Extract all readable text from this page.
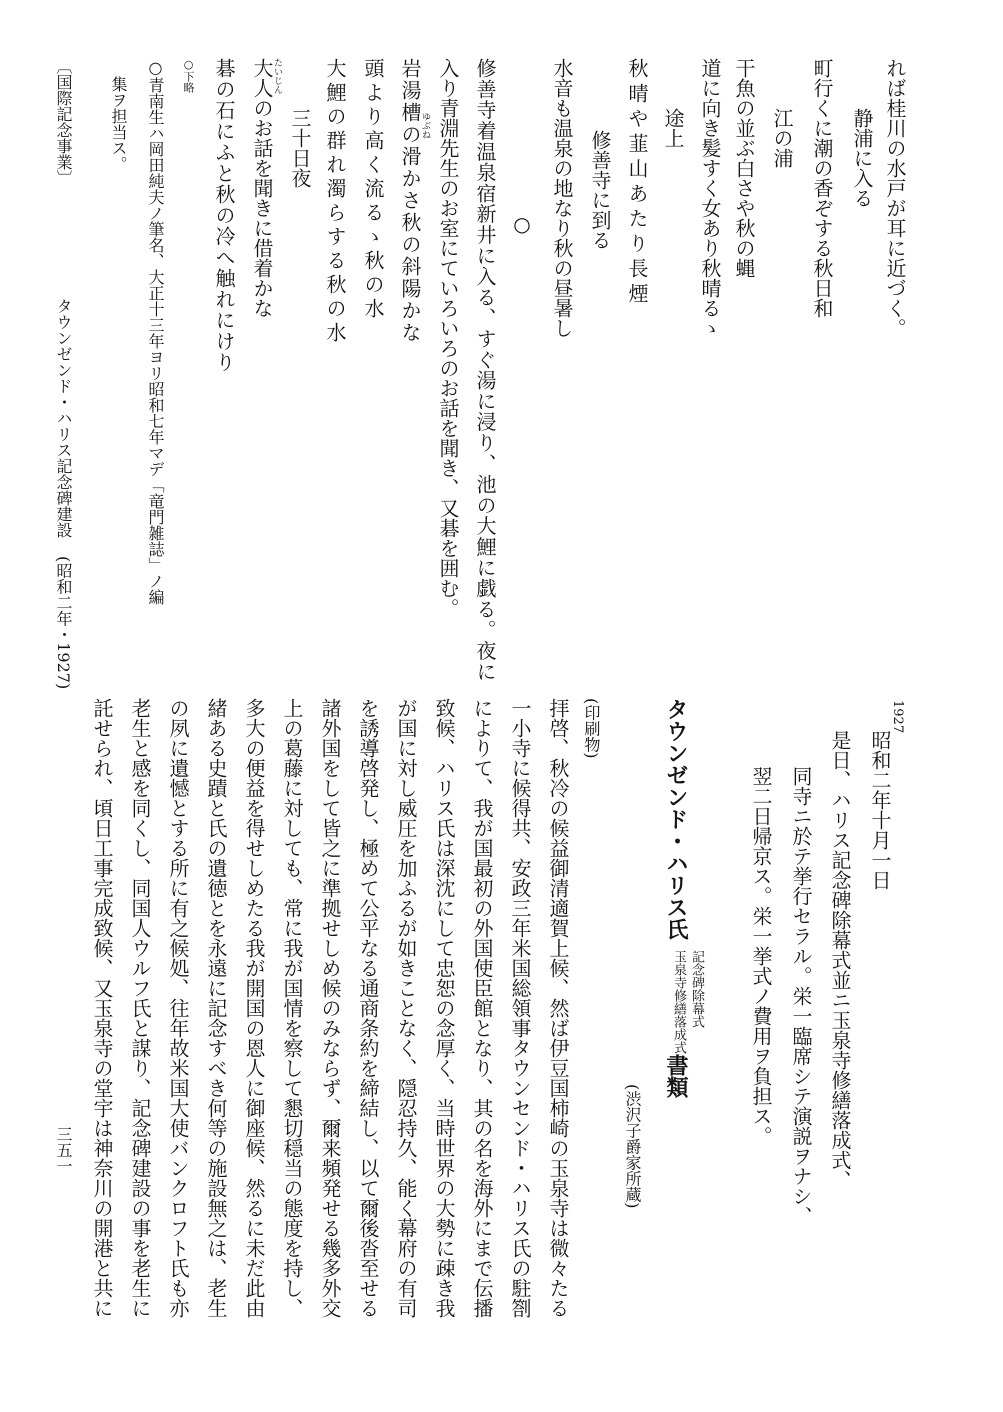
れば桂川の水戸が耳に近づく。
静浦に入る
町行くに潮の香ぞする秋日和
江の浦
干魚の並ぶ白さや秋の蝿
道に向き髪すく女あり秋晴るゝ
途上
秋晴や韮山あたり長煙
修善寺に到る
水音も温泉の地なり秋の昼暑し
○
修善寺着温泉宿新井に入る、すぐ湯に浸り、池の大鯉に戯る。夜に
入り青淵先生のお室にていろいろのお話を聞き、又碁を囲む。
ゆぶね
岩湯槽の滑かさ秋の斜陽かな
頭より高く流るゝ秋の水
大鯉の群れ濁らする秋の水
三十日夜
たいじん
大人のお話を聞きに借着かな
碁の石にふと秋の冷へ触れにけり
○下略
○青南生ハ岡田純夫ノ筆名、大正十三年ヨリ昭和七年マデ「竜門雑誌」ノ編
集ヲ担当ス。
〔国際記念事業〕
タウンゼンド・ハリス記念碑建設
(昭和二年・1927)
1927
昭和二年十月一日
是日、ハリス記念碑除幕式並ニ玉泉寺修繕落成式、
同寺ニ於テ挙行セラル。栄一臨席シテ演説ヲナシ、
翌二日帰京ス。栄一挙式ノ費用ヲ負担ス。
タウンゼンド・ハリス氏
記念碑除幕式
玉泉寺修繕落成式
書類
(渋沢子爵家所蔵)
(印刷物)
拝啓、秋冷の候益御清適賀上候、然ば伊豆国柿崎の玉泉寺は微々たる
一小寺に候得共、安政三年米国総領事タウンセンド・ハリス氏の駐劄
によりて、我が国最初の外国使臣館となり、其の名を海外にまで伝播
致候、ハリス氏は深沈にして忠恕の念厚く、当時世界の大勢に疎き我
が国に対し威圧を加ふるが如きことなく、隠忍持久、能く幕府の有司
を誘導啓発し、極めて公平なる通商条約を締結し、以て爾後沓至せる
諸外国をして皆之に準拠せしめ候のみならず、爾来頻発せる幾多外交
上の葛藤に対しても、常に我が国情を察して懇切穏当の態度を持し、
多大の便益を得せしめたる我が開国の恩人に御座候、然るに未だ此由
緒ある史蹟と氏の遺徳とを永遠に記念すべき何等の施設無之は、老生
の夙に遺憾とする所に有之候処、往年故米国大使バンクロフト氏も亦
老生と感を同くし、同国人ウルフ氏と謀り、記念碑建設の事を老生に
託せられ、頃日工事完成致候、又玉泉寺の堂宇は神奈川の開港と共に
三五一
